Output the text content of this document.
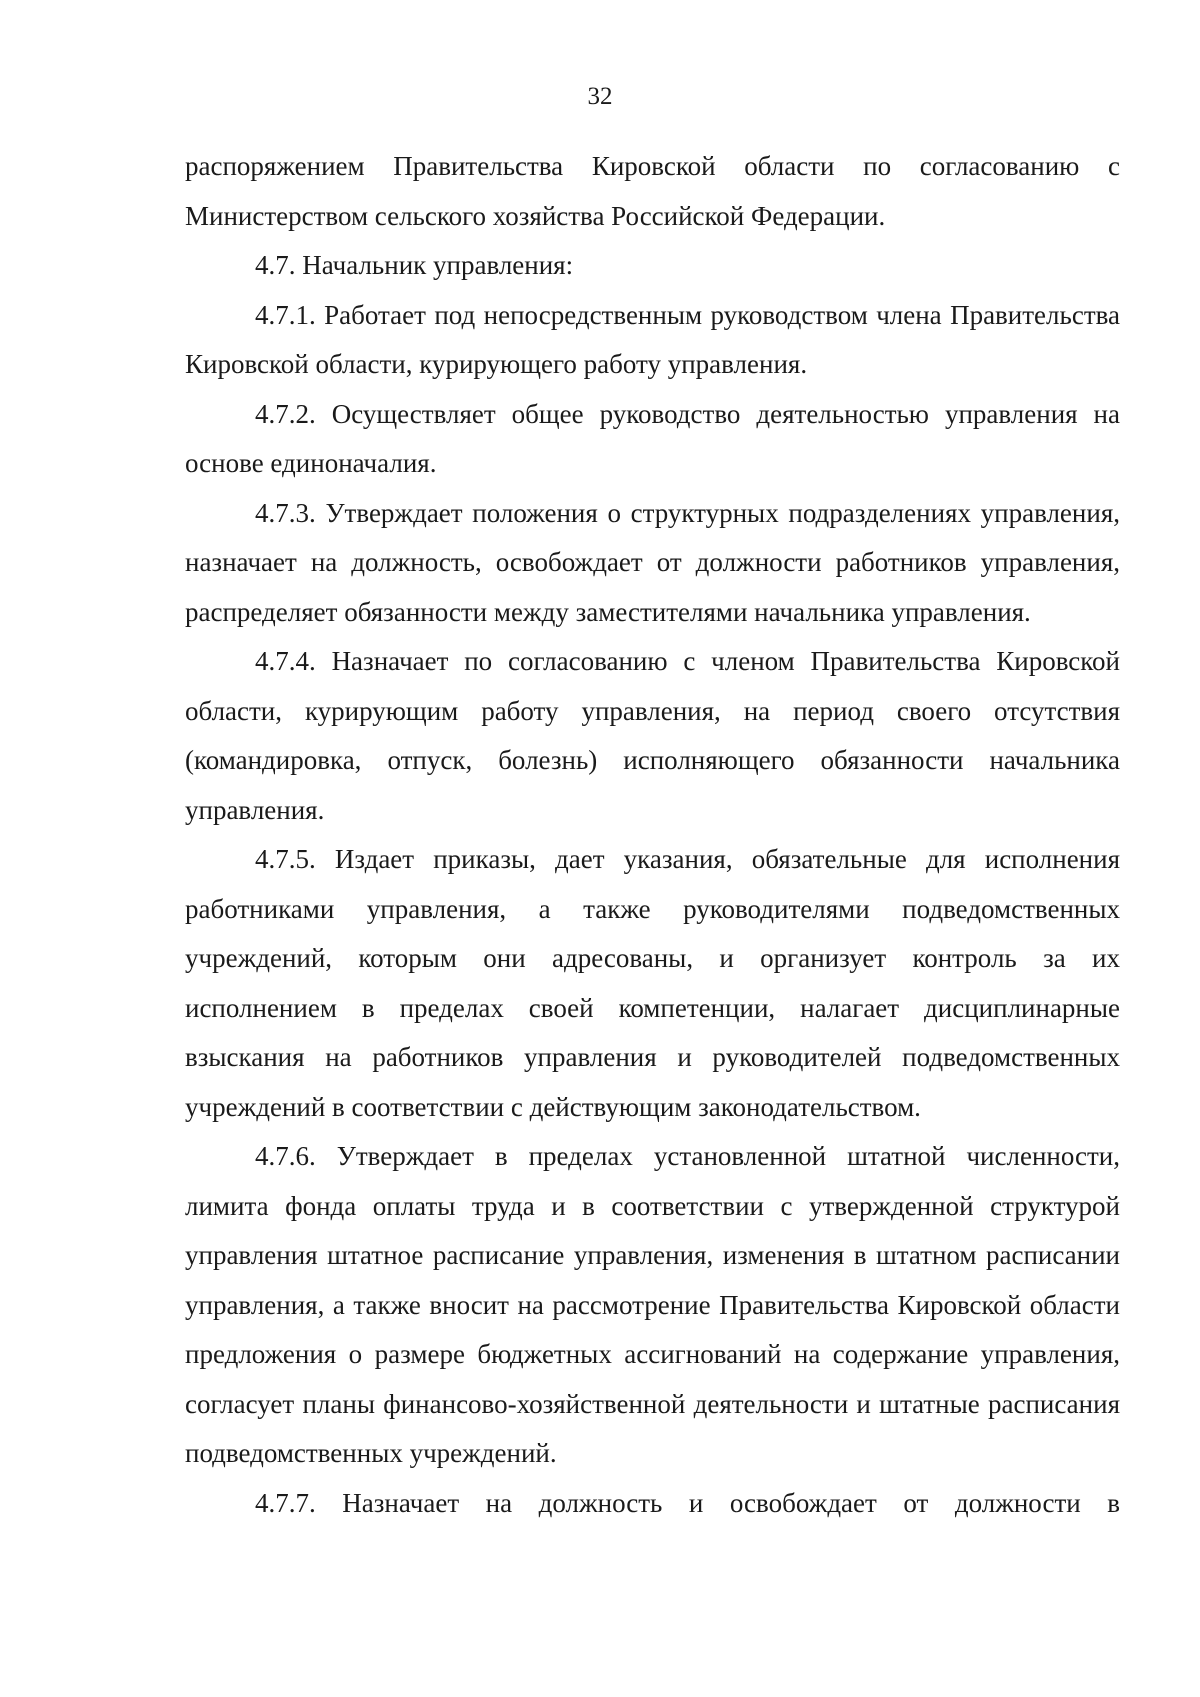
32

распоряжением Правительства Кировской области по согласованию с Министерством сельского хозяйства Российской Федерации.

4.7. Начальник управления:

4.7.1. Работает под непосредственным руководством члена Правительства Кировской области, курирующего работу управления.

4.7.2. Осуществляет общее руководство деятельностью управления на основе единоначалия.

4.7.3. Утверждает положения о структурных подразделениях управления, назначает на должность, освобождает от должности работников управления, распределяет обязанности между заместителями начальника управления.

4.7.4. Назначает по согласованию с членом Правительства Кировской области, курирующим работу управления, на период своего отсутствия (командировка, отпуск, болезнь) исполняющего обязанности начальника управления.

4.7.5. Издает приказы, дает указания, обязательные для исполнения работниками управления, а также руководителями подведомственных учреждений, которым они адресованы, и организует контроль за их исполнением в пределах своей компетенции, налагает дисциплинарные взыскания на работников управления и руководителей подведомственных учреждений в соответствии с действующим законодательством.

4.7.6. Утверждает в пределах установленной штатной численности, лимита фонда оплаты труда и в соответствии с утвержденной структурой управления штатное расписание управления, изменения в штатном расписании управления, а также вносит на рассмотрение Правительства Кировской области предложения о размере бюджетных ассигнований на содержание управления, согласует планы финансово-хозяйственной деятельности и штатные расписания подведомственных учреждений.

4.7.7. Назначает на должность и освобождает от должности в
